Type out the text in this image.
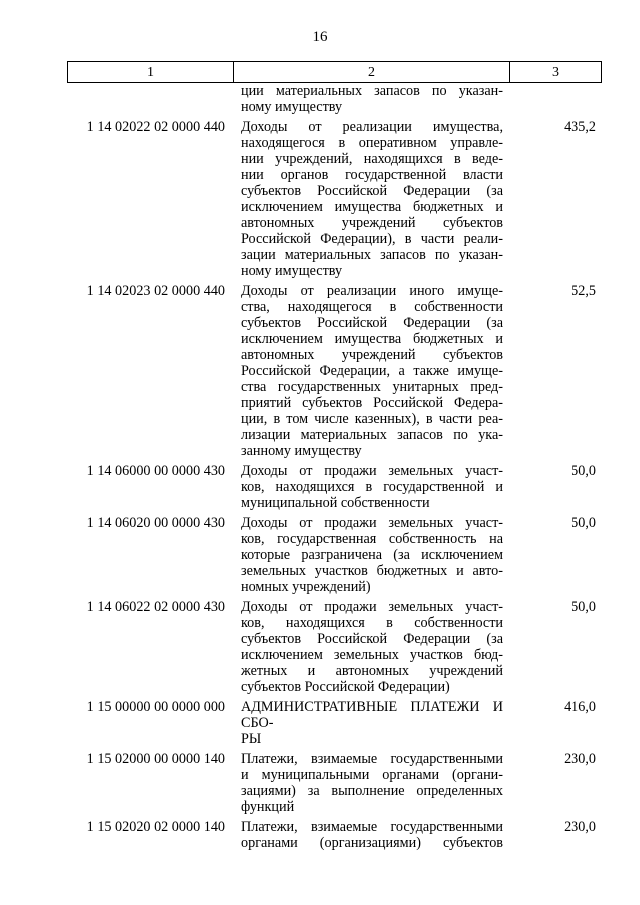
16
1	2	3
ции материальных запасов по указан-
ному имуществу
1 14 02022 02 0000 440	Доходы от реализации имущества,
находящегося в оперативном управле-
нии учреждений, находящихся в веде-
нии органов государственной власти
субъектов Российской Федерации (за
исключением имущества бюджетных и
автономных учреждений субъектов
Российской Федерации), в части реали-
зации материальных запасов по указан-
ному имуществу
435,2
1 14 02023 02 0000 440	Доходы от реализации иного имуще-
ства, находящегося в собственности
субъектов Российской Федерации (за
исключением имущества бюджетных и
автономных учреждений субъектов
Российской Федерации, а также имуще-
ства государственных унитарных пред-
приятий субъектов Российской Федера-
ции, в том числе казенных), в части реа-
лизации материальных запасов по ука-
занному имуществу
52,5
1 14 06000 00 0000 430	Доходы от продажи земельных участ-
ков, находящихся в государственной и
муниципальной собственности
50,0
1 14 06020 00 0000 430	Доходы от продажи земельных участ-
ков, государственная собственность на
которые разграничена (за исключением
земельных участков бюджетных и авто-
номных учреждений)
50,0
1 14 06022 02 0000 430	Доходы от продажи земельных участ-
ков, находящихся в собственности
субъектов Российской Федерации (за
исключением земельных участков бюд-
жетных и автономных учреждений
субъектов Российской Федерации)
50,0
1 15 00000 00 0000 000	АДМИНИСТРАТИВНЫЕ ПЛАТЕЖИ И СБО-
РЫ
416,0
1 15 02000 00 0000 140	Платежи, взимаемые государственными
и муниципальными органами (органи-
зациями) за выполнение определенных
функций
230,0
1 15 02020 02 0000 140	Платежи, взимаемые государственными
органами (организациями) субъектов
230,0
